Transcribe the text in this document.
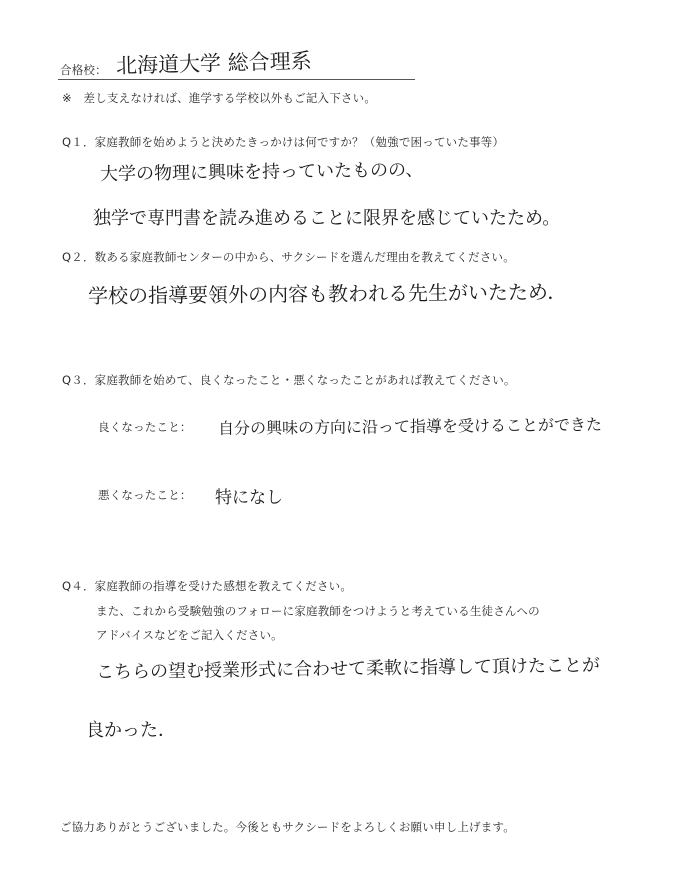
合格校： 北海道大学 総合理系
※　差し支えなければ、進学する学校以外もご記入下さい。
Q１．家庭教師を始めようと決めたきっかけは何ですか？（勉強で困っていた事等）
大学の物理に興味を持っていたものの、
独学で専門書を読み進めることに限界を感じていたため。
Q２．数ある家庭教師センターの中から、サクシードを選んだ理由を教えてください。
学校の指導要領外の内容も教われる先生がいたため．
Q３．家庭教師を始めて、良くなったこと・悪くなったことがあれば教えてください。
良くなったこと： 自分の興味の方向に沿って指導を受けることができた
悪くなったこと： 特になし
Q４．家庭教師の指導を受けた感想を教えてください。
また、これから受験勉強のフォローに家庭教師をつけようと考えている生徒さんへの
アドバイスなどをご記入ください。
こちらの望む授業形式に合わせて柔軟に指導して頂けたことが
良かった．
ご協力ありがとうございました。今後ともサクシードをよろしくお願い申し上げます。
